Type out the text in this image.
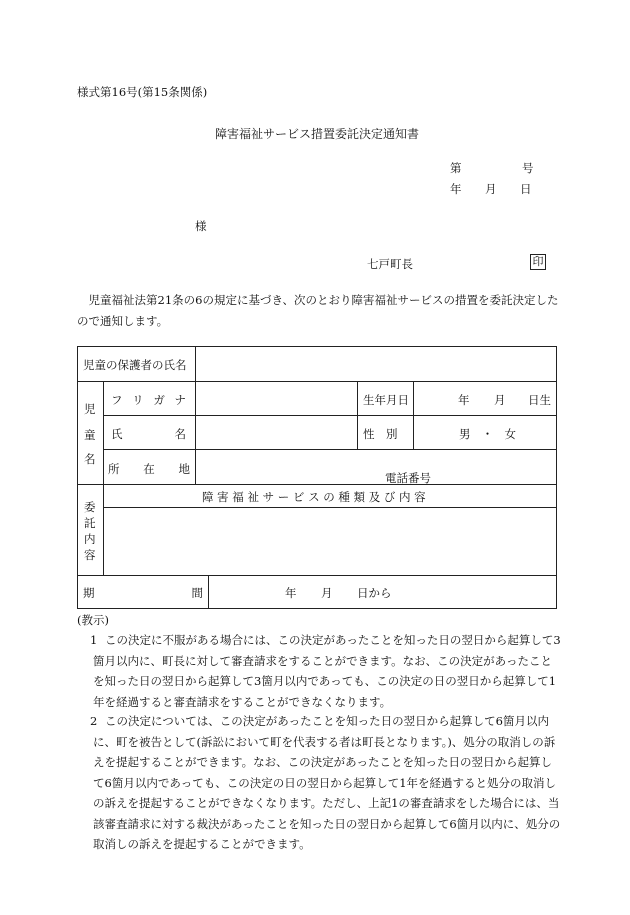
様式第16号(第15条関係)
障害福祉サービス措置委託決定通知書
第	号
年 月 日
様
七戸町長	印
児童福祉法第21条の6の規定に基づき、次のとおり障害福祉サービスの措置を委託決定したので通知します。
児童の保護者の氏名
児
童
名
フ リ ガ ナ	生年月日	年 月 日生
氏	名	性　別	男 ・ 女
所 在 地
電話番号
委
託
内
容
障 害 福 祉 サ ー ビ ス の 種 類 及 び 内 容
期	間	年 月 日から
(教示)
1 この決定に不服がある場合には、この決定があったことを知った日の翌日から起算して3箇月以内に、町長に対して審査請求をすることができます。なお、この決定があったことを知った日の翌日から起算して3箇月以内であっても、この決定の日の翌日から起算して1年を経過すると審査請求をすることができなくなります。
2 この決定については、この決定があったことを知った日の翌日から起算して6箇月以内に、町を被告として(訴訟において町を代表する者は町長となります。)、処分の取消しの訴えを提起することができます。なお、この決定があったことを知った日の翌日から起算して6箇月以内であっても、この決定の日の翌日から起算して1年を経過すると処分の取消しの訴えを提起することができなくなります。ただし、上記1の審査請求をした場合には、当該審査請求に対する裁決があったことを知った日の翌日から起算して6箇月以内に、処分の取消しの訴えを提起することができます。
